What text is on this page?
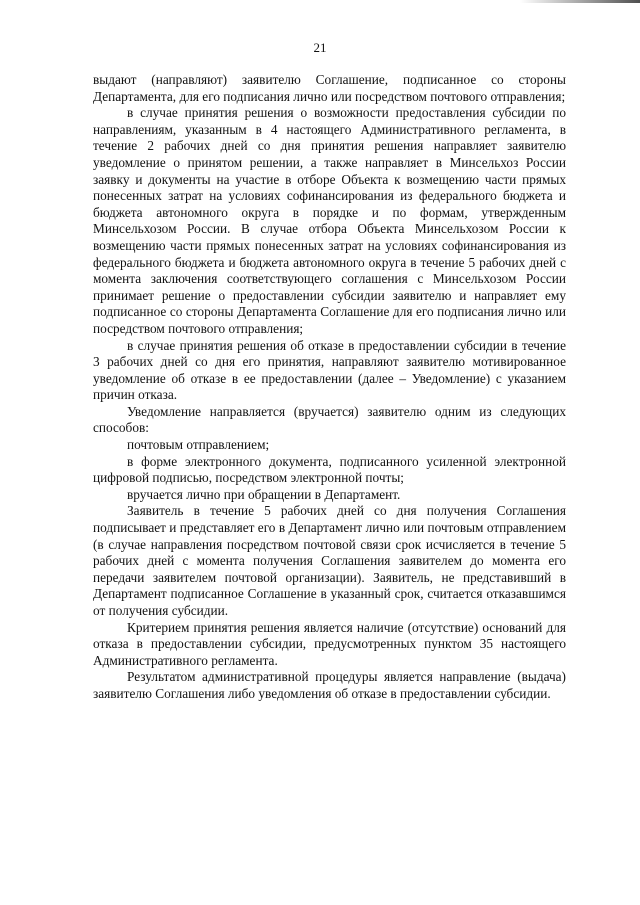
21

выдают (направляют) заявителю Соглашение, подписанное со стороны Департамента, для его подписания лично или посредством почтового отправления;

в случае принятия решения о возможности предоставления субсидии по направлениям, указанным в 4 настоящего Административного регламента, в течение 2 рабочих дней со дня принятия решения направляет заявителю уведомление о принятом решении, а также направляет в Минсельхоз России заявку и документы на участие в отборе Объекта к возмещению части прямых понесенных затрат на условиях софинансирования из федерального бюджета и бюджета автономного округа в порядке и по формам, утвержденным Минсельхозом России. В случае отбора Объекта Минсельхозом России к возмещению части прямых понесенных затрат на условиях софинансирования из федерального бюджета и бюджета автономного округа в течение 5 рабочих дней с момента заключения соответствующего соглашения с Минсельхозом России принимает решение о предоставлении субсидии заявителю и направляет ему подписанное со стороны Департамента Соглашение для его подписания лично или посредством почтового отправления;

в случае принятия решения об отказе в предоставлении субсидии в течение 3 рабочих дней со дня его принятия, направляют заявителю мотивированное уведомление об отказе в ее предоставлении (далее – Уведомление) с указанием причин отказа.

Уведомление направляется (вручается) заявителю одним из следующих способов:

почтовым отправлением;

в форме электронного документа, подписанного усиленной электронной цифровой подписью, посредством электронной почты;

вручается лично при обращении в Департамент.

Заявитель в течение 5 рабочих дней со дня получения Соглашения подписывает и представляет его в Департамент лично или почтовым отправлением (в случае направления посредством почтовой связи срок исчисляется в течение 5 рабочих дней с момента получения Соглашения заявителем до момента его передачи заявителем почтовой организации). Заявитель, не представивший в Департамент подписанное Соглашение в указанный срок, считается отказавшимся от получения субсидии.

Критерием принятия решения является наличие (отсутствие) оснований для отказа в предоставлении субсидии, предусмотренных пунктом 35 настоящего Административного регламента.

Результатом административной процедуры является направление (выдача) заявителю Соглашения либо уведомления об отказе в предоставлении субсидии.
